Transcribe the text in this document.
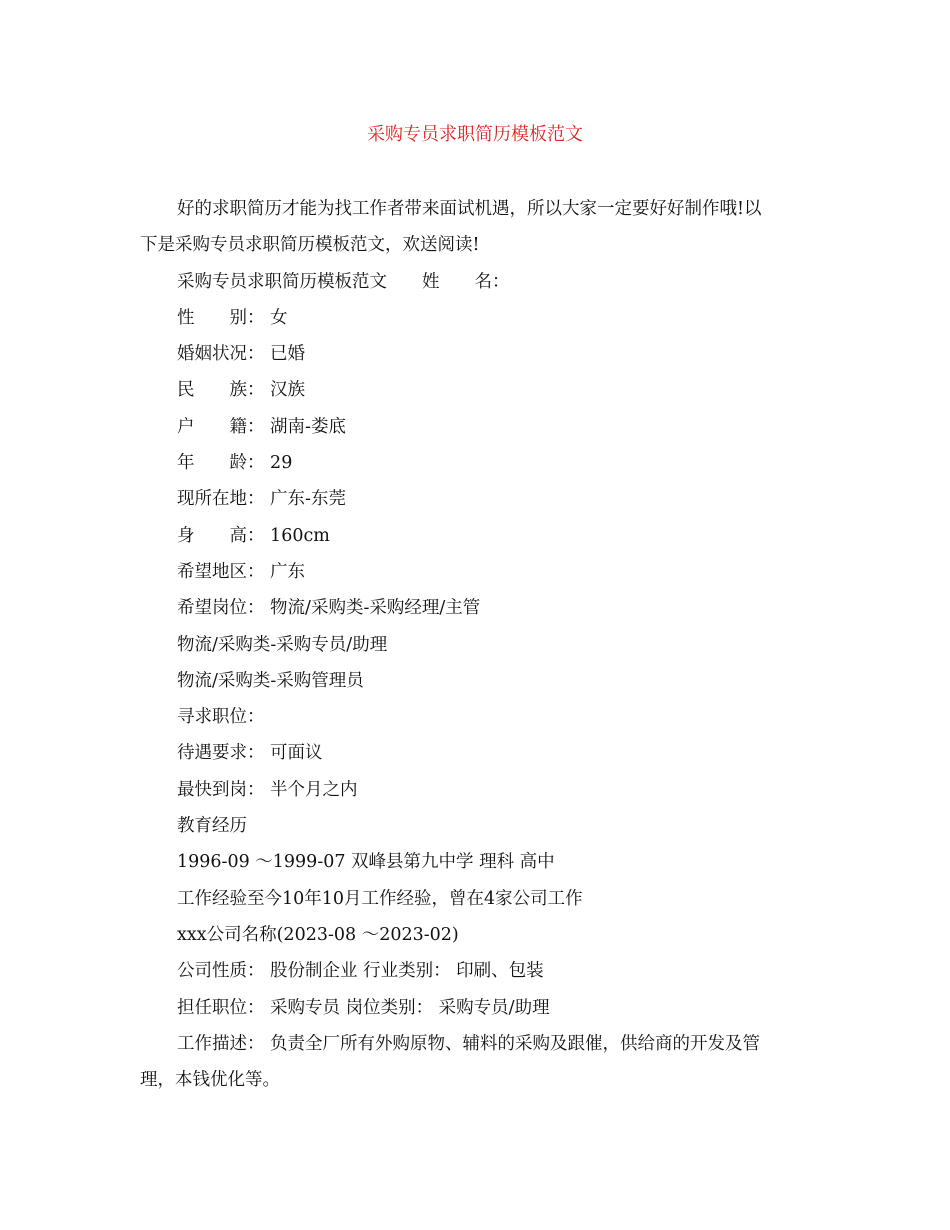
采购专员求职简历模板范文

好的求职简历才能为找工作者带来面试机遇，所以大家一定要好好制作哦!以

下是采购专员求职简历模板范文，欢送阅读!

采购专员求职简历模板范文　　姓　　名：

性　　别： 女

婚姻状况： 已婚

民　　族： 汉族

户　　籍： 湖南-娄底

年　　龄： 29

现所在地： 广东-东莞

身　　高： 160cm

希望地区： 广东

希望岗位： 物流/采购类-采购经理/主管

物流/采购类-采购专员/助理

物流/采购类-采购管理员

寻求职位：

待遇要求： 可面议

最快到岗： 半个月之内

教育经历

1996-09 ～1999-07 双峰县第九中学 理科 高中

工作经验至今10年10月工作经验，曾在4家公司工作

xxx公司名称(2023-08 ～2023-02)

公司性质： 股份制企业 行业类别： 印刷、包装

担任职位： 采购专员 岗位类别： 采购专员/助理

工作描述： 负责全厂所有外购原物、辅料的采购及跟催，供给商的开发及管

理，本钱优化等。
